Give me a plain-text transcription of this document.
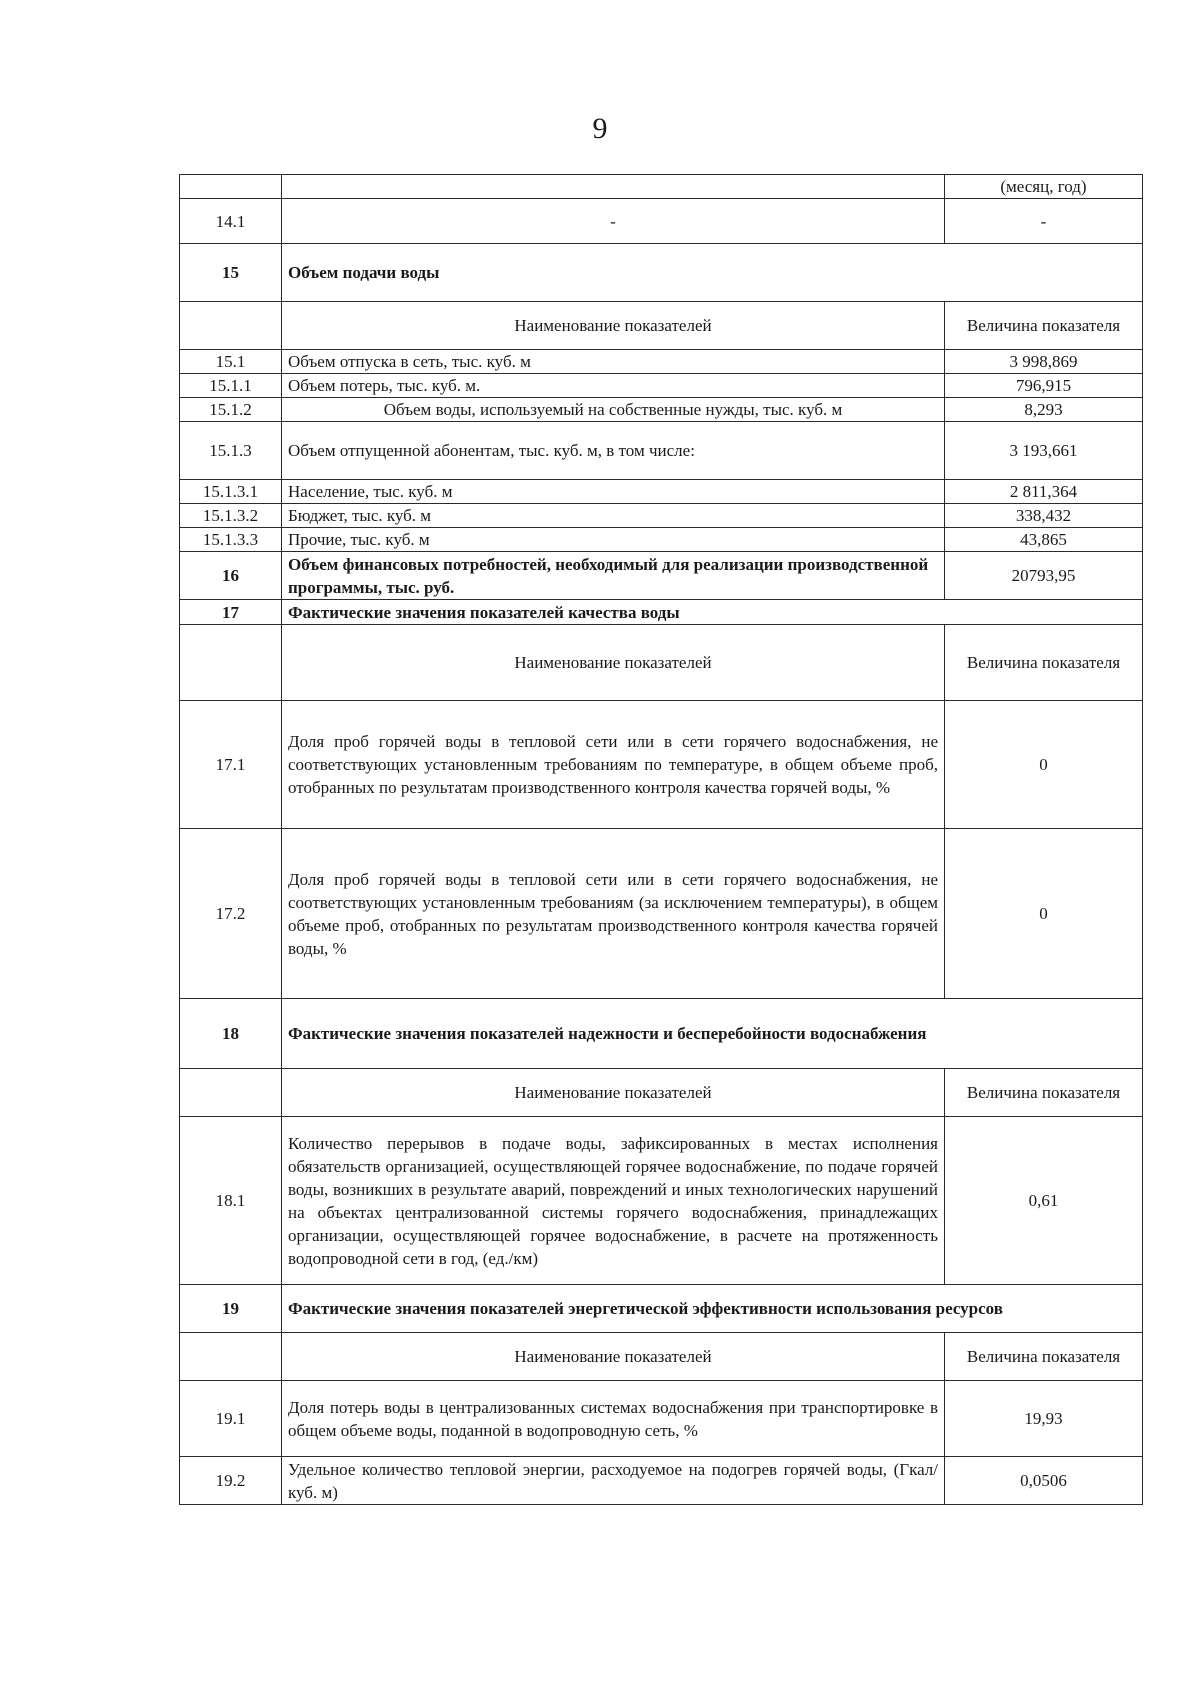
9
		(месяц, год)
14.1	-	-
15	Объем подачи воды	
	Наименование показателей	Величина показателя
15.1	Объем отпуска в сеть, тыс. куб. м	3 998,869
15.1.1	Объем потерь, тыс. куб. м.	796,915
15.1.2	Объем воды, используемый на собственные нужды, тыс. куб. м	8,293
15.1.3	Объем отпущенной абонентам, тыс. куб. м, в том числе:	3 193,661
15.1.3.1	Население, тыс. куб. м	2 811,364
15.1.3.2	Бюджет, тыс. куб. м	338,432
15.1.3.3	Прочие, тыс. куб. м	43,865
16	Объем финансовых потребностей, необходимый для реализации производственной программы, тыс. руб.	20793,95
17	Фактические значения показателей качества воды	
	Наименование показателей	Величина показателя
17.1	Доля проб горячей воды в тепловой сети или в сети горячего водоснабжения, не соответствующих установленным требованиям по температуре, в общем объеме проб, отобранных по результатам производственного контроля качества горячей воды, %	0
17.2	Доля проб горячей воды в тепловой сети или в сети горячего водоснабжения, не соответствующих установленным требованиям (за исключением температуры), в общем объеме проб, отобранных по результатам производственного контроля качества горячей воды, %	0
18	Фактические значения показателей надежности и бесперебойности водоснабжения	
	Наименование показателей	Величина показателя
18.1	Количество перерывов в подаче воды, зафиксированных в местах исполнения обязательств организацией, осуществляющей горячее водоснабжение, по подаче горячей воды, возникших в результате аварий, повреждений и иных технологических нарушений на объектах централизованной системы горячего водоснабжения, принадлежащих организации, осуществляющей горячее водоснабжение, в расчете на протяженность водопроводной сети в год, (ед./км)	0,61
19	Фактические значения показателей энергетической эффективности использования ресурсов	
	Наименование показателей	Величина показателя
19.1	Доля потерь воды в централизованных системах водоснабжения при транспортировке в общем объеме воды, поданной в водопроводную сеть, %	19,93
19.2	Удельное количество тепловой энергии, расходуемое на подогрев горячей воды, (Гкал/куб. м)	0,0506
